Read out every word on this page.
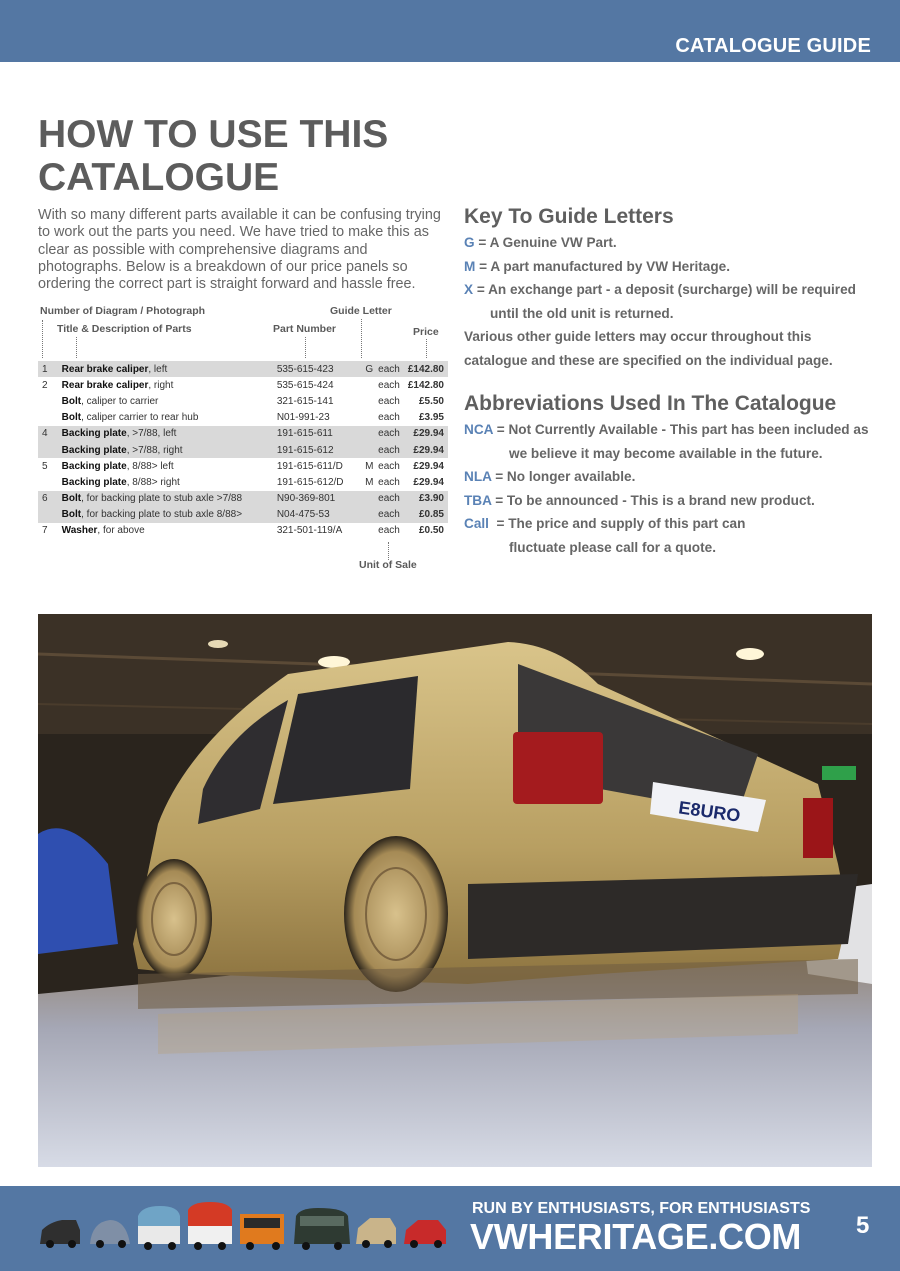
CATALOGUE GUIDE
HOW TO USE THIS CATALOGUE
With so many different parts available it can be confusing trying to work out the parts you need. We have tried to make this as clear as possible with comprehensive diagrams and photographs. Below is a breakdown of our price panels so ordering the correct part is straight forward and hassle free.
Number of Diagram / Photograph	Guide Letter
Title & Description of Parts	Part Number	Price
1	Rear brake caliper, left	535-615-423	G	each	£142.80
2	Rear brake caliper, right	535-615-424		each	£142.80
	Bolt, caliper to carrier	321-615-141		each	£5.50
	Bolt, caliper carrier to rear hub	N01-991-23		each	£3.95
4	Backing plate, >7/88, left	191-615-611		each	£29.94
	Backing plate, >7/88, right	191-615-612		each	£29.94
5	Backing plate, 8/88> left	191-615-611/D	M	each	£29.94
	Backing plate, 8/88> right	191-615-612/D	M	each	£29.94
6	Bolt, for backing plate to stub axle >7/88	N90-369-801		each	£3.90
	Bolt, for backing plate to stub axle 8/88>	N04-475-53		each	£0.85
7	Washer, for above	321-501-119/A		each	£0.50
Unit of Sale
Key To Guide Letters
G = A Genuine VW Part.
M = A part manufactured by VW Heritage.
X = An exchange part - a deposit (surcharge) will be required
until the old unit is returned.
Various other guide letters may occur throughout this
catalogue and these are specified on the individual page.
Abbreviations Used In The Catalogue
NCA = Not Currently Available - This part has been included as
we believe it may become available in the future.
NLA = No longer available.
TBA = To be announced - This is a brand new product.
Call  = The price and supply of this part can
fluctuate please call for a quote.
E8URO
RUN BY ENTHUSIASTS, FOR ENTHUSIASTS
VWHERITAGE.COM 5
